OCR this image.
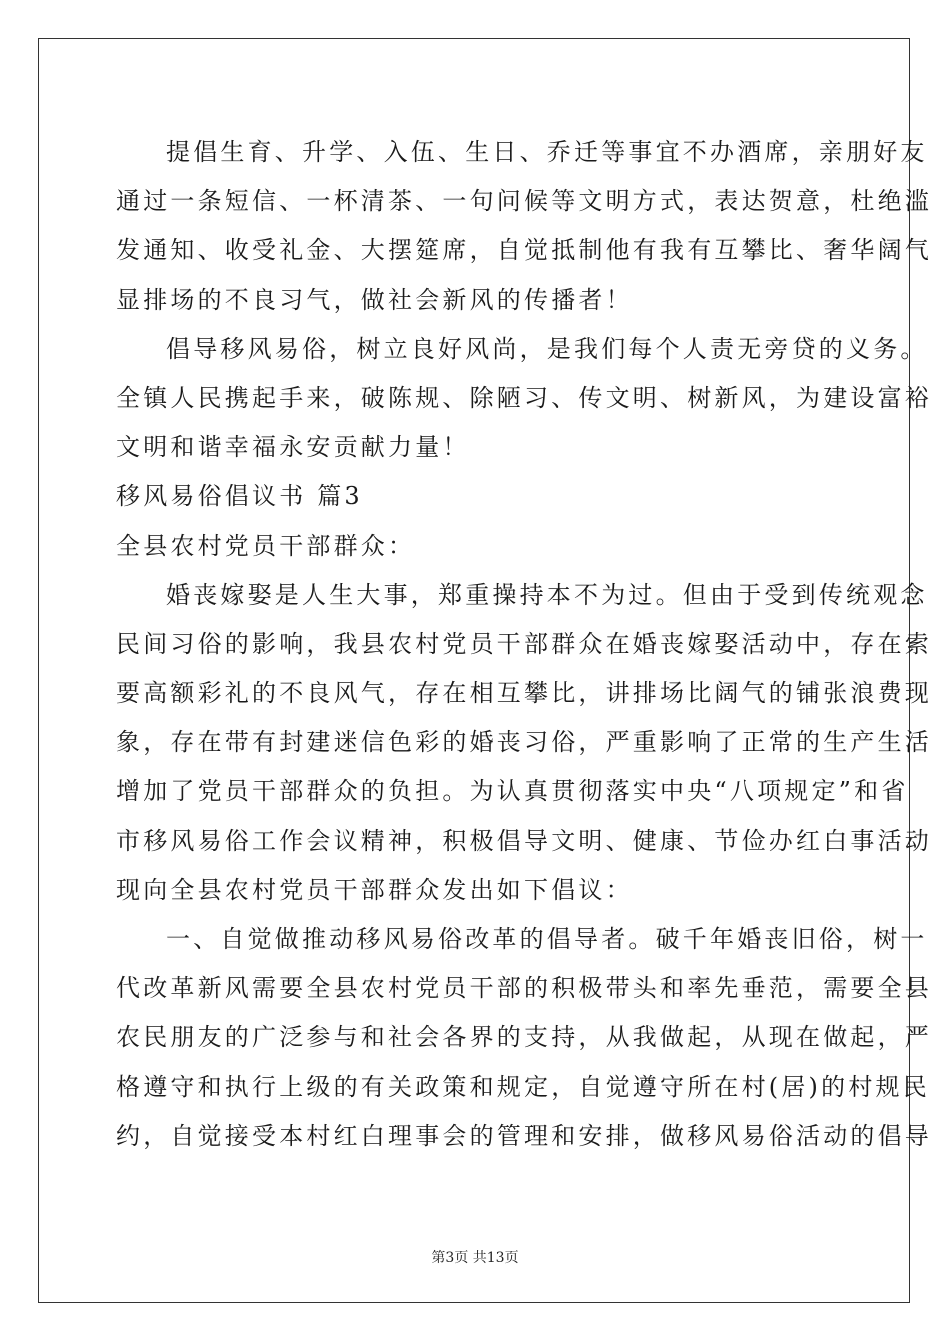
提倡生育、升学、入伍、生日、乔迁等事宜不办酒席，亲朋好友
通过一条短信、一杯清茶、一句问候等文明方式，表达贺意，杜绝滥
发通知、收受礼金、大摆筵席，自觉抵制他有我有互攀比、奢华阔气
显排场的不良习气，做社会新风的传播者！
倡导移风易俗，树立良好风尚，是我们每个人责无旁贷的义务。
全镇人民携起手来，破陈规、除陋习、传文明、树新风，为建设富裕
文明和谐幸福永安贡献力量！
移风易俗倡议书 篇3
全县农村党员干部群众：
婚丧嫁娶是人生大事，郑重操持本不为过。但由于受到传统观念
民间习俗的影响，我县农村党员干部群众在婚丧嫁娶活动中，存在索
要高额彩礼的不良风气，存在相互攀比，讲排场比阔气的铺张浪费现
象，存在带有封建迷信色彩的婚丧习俗，严重影响了正常的生产生活
增加了党员干部群众的负担。为认真贯彻落实中央“八项规定”和省
市移风易俗工作会议精神，积极倡导文明、健康、节俭办红白事活动
现向全县农村党员干部群众发出如下倡议：
一、自觉做推动移风易俗改革的倡导者。破千年婚丧旧俗，树一
代改革新风需要全县农村党员干部的积极带头和率先垂范，需要全县
农民朋友的广泛参与和社会各界的支持，从我做起，从现在做起，严
格遵守和执行上级的有关政策和规定，自觉遵守所在村(居)的村规民
约，自觉接受本村红白理事会的管理和安排，做移风易俗活动的倡导
第3页 共13页
